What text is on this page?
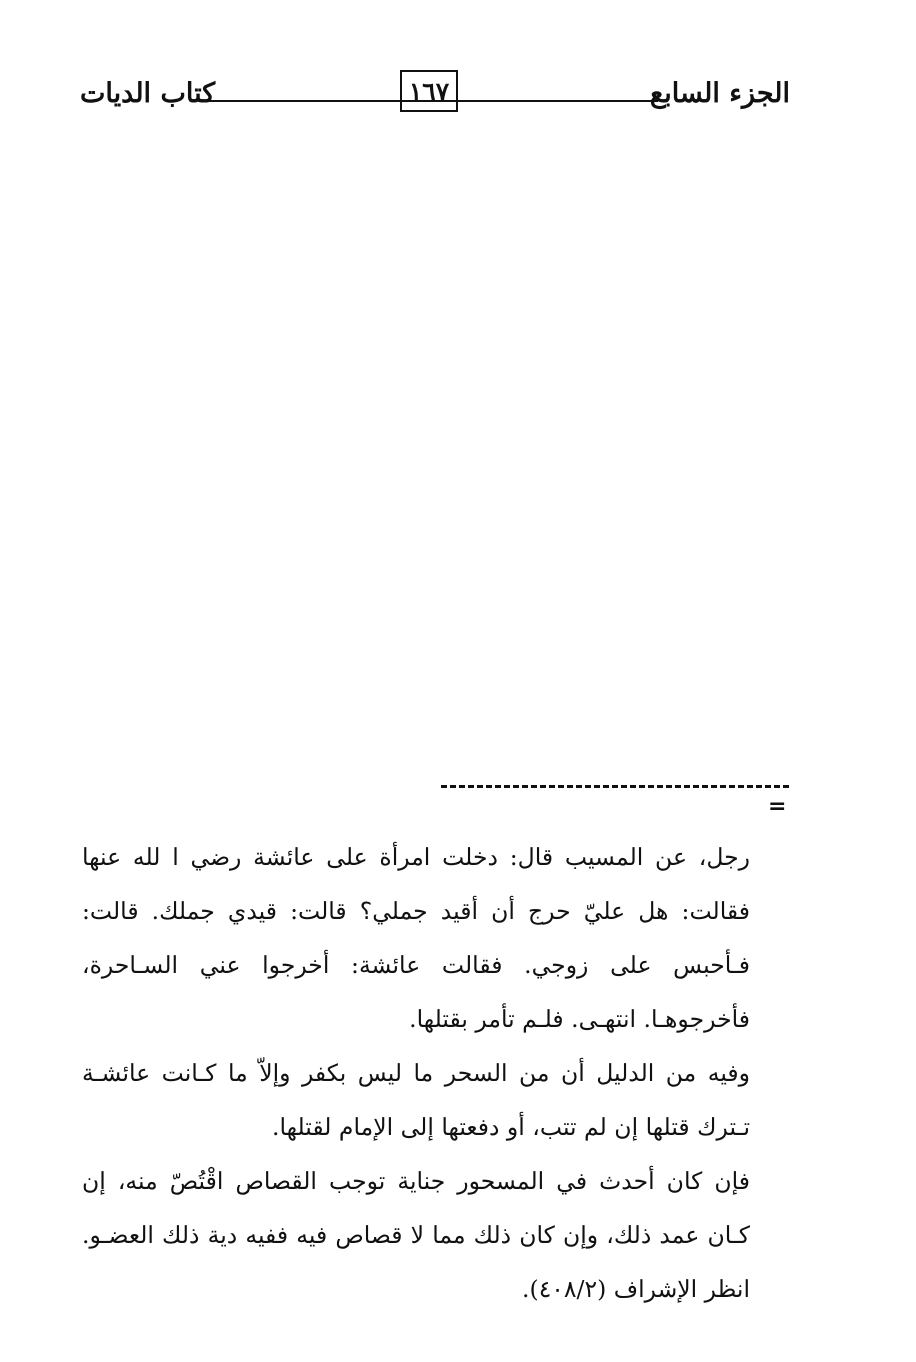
الجزء السابع
١٦٧
كتاب الديات
=

رجل، عن المسيب قال: دخلت امرأة على عائشة رضي ا لله عنها فقالت: هل عليّ حرج أن أقيد جملي؟ قالت: قيدي جملك. قالت: فـأحبس على زوجي. فقالت عائشة: أخرجوا عني السـاحرة، فأخرجوهـا. انتهـى. فلـم تأمر بقتلها.

وفيه من الدليل أن من السحر ما ليس بكفر وإلاّ ما كـانت عائشـة تـترك قتلها إن لم تتب، أو دفعتها إلى الإمام لقتلها.

فإن كان أحدث في المسحور جناية توجب القصاص اقْتُصّ منه، إن كـان عمد ذلك، وإن كان ذلك مما لا قصاص فيه ففيه دية ذلك العضـو. انظر الإشراف (٤٠٨/٢).
